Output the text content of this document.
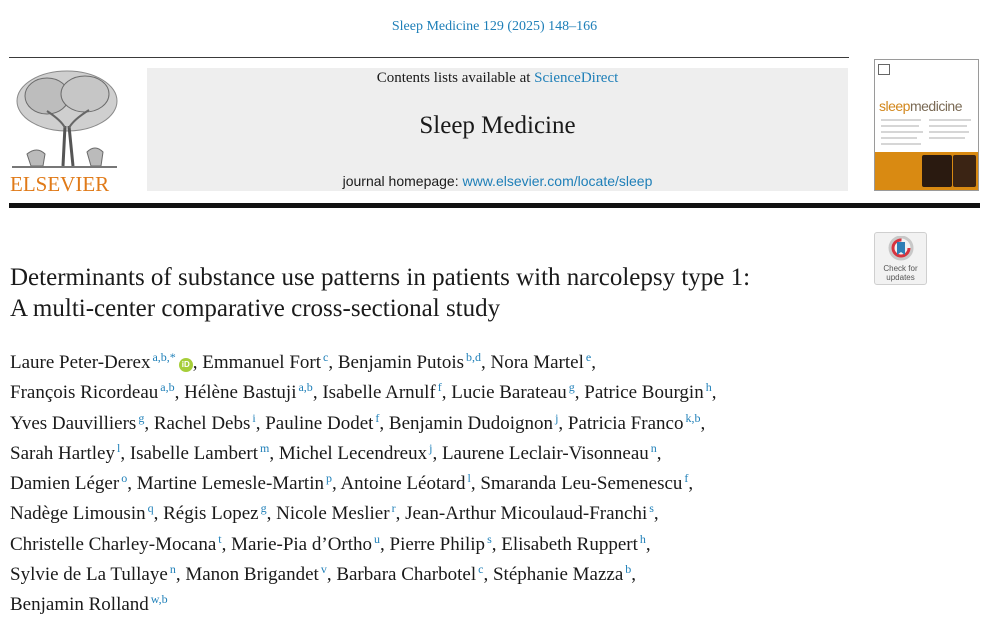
Sleep Medicine 129 (2025) 148–166
ELSEVIER
Contents lists available at ScienceDirect
Sleep Medicine
journal homepage: www.elsevier.com/locate/sleep
sleepmedicine
Check for
updates
Determinants of substance use patterns in patients with narcolepsy type 1:
A multi-center comparative cross-sectional study
Laure Peter-Derex $^{a,b,*}$iD , Emmanuel Fort $^c$, Benjamin Putois $^{b,d}$, Nora Martel $^e$,
François Ricordeau $^{a,b}$, Hélène Bastuji $^{a,b}$, Isabelle Arnulf $^f$, Lucie Barateau $^g$, Patrice Bourgin $^h$,
Yves Dauvilliers $^g$, Rachel Debs $^i$, Pauline Dodet $^f$, Benjamin Dudoignon $^j$, Patricia Franco $^{k,b}$,
Sarah Hartley $^l$, Isabelle Lambert $^m$, Michel Lecendreux $^j$, Laurene Leclair-Visonneau $^n$,
Damien Léger $^o$, Martine Lemesle-Martin $^p$, Antoine Léotard $^l$, Smaranda Leu-Semenescu $^f$,
Nadège Limousin $^q$, Régis Lopez $^g$, Nicole Meslier $^r$, Jean-Arthur Micoulaud-Franchi $^s$,
Christelle Charley-Mocana $^t$, Marie-Pia d’Ortho $^u$, Pierre Philip $^s$, Elisabeth Ruppert $^h$,
Sylvie de La Tullaye $^n$, Manon Brigandet $^v$, Barbara Charbotel $^c$, Stéphanie Mazza $^b$,
Benjamin Rolland $^{w,b}$
